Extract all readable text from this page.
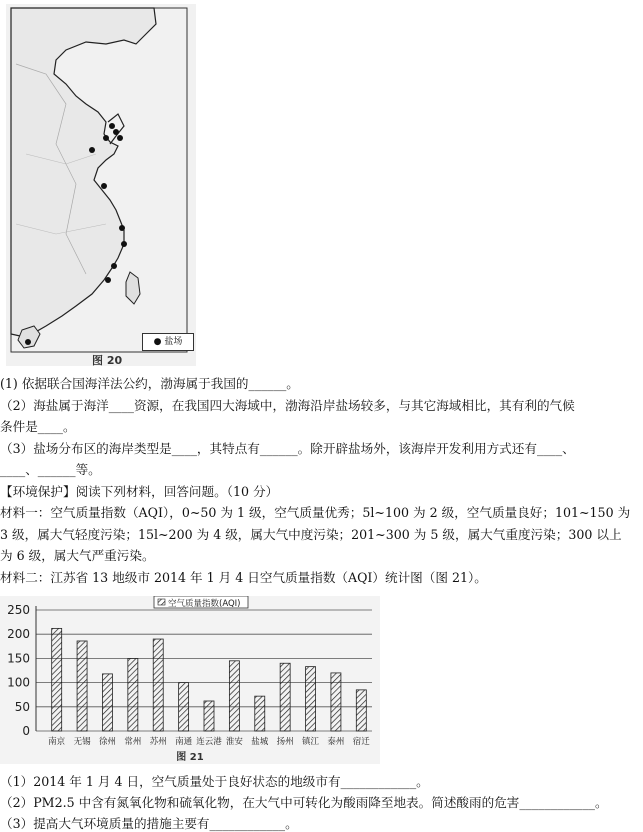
● 盐场
图 20
(1) 依据联合国海洋法公约，渤海属于我国的______。
（2）海盐属于海洋____资源，在我国四大海域中，渤海沿岸盐场较多，与其它海域相比，其有利的气候
条件是____。
（3）盐场分布区的海岸类型是____，其特点有______。除开辟盐场外，该海岸开发利用方式还有____、
____、______等。
【环境保护】阅读下列材料，回答问题。（10 分）
材料一：空气质量指数（AQI），0~50 为 1 级，空气质量优秀；5l~100 为 2 级，空气质量良好；101~150 为
3 级，属大气轻度污染；15l~200 为 4 级，属大气中度污染；201~300 为 5 级，属大气重度污染；300 以上
为 6 级，属大气严重污染。
材料二：江苏省 13 地级市 2014 年 1 月 4 日空气质量指数（AQI）统计图（图 21）。
0
50
100
150
200
250	空气质量指数(AQI)
南京 无锡 徐州 常州 苏州 南通 连云港 淮安 盐城 扬州 镇江 泰州 宿迁
图 21
（1）2014 年 1 月 4 日，空气质量处于良好状态的地级市有____________。
（2）PM2.5 中含有氮氧化物和硫氧化物，在大气中可转化为酸雨降至地表。简述酸雨的危害____________。
（3）提高大气环境质量的措施主要有____________。
